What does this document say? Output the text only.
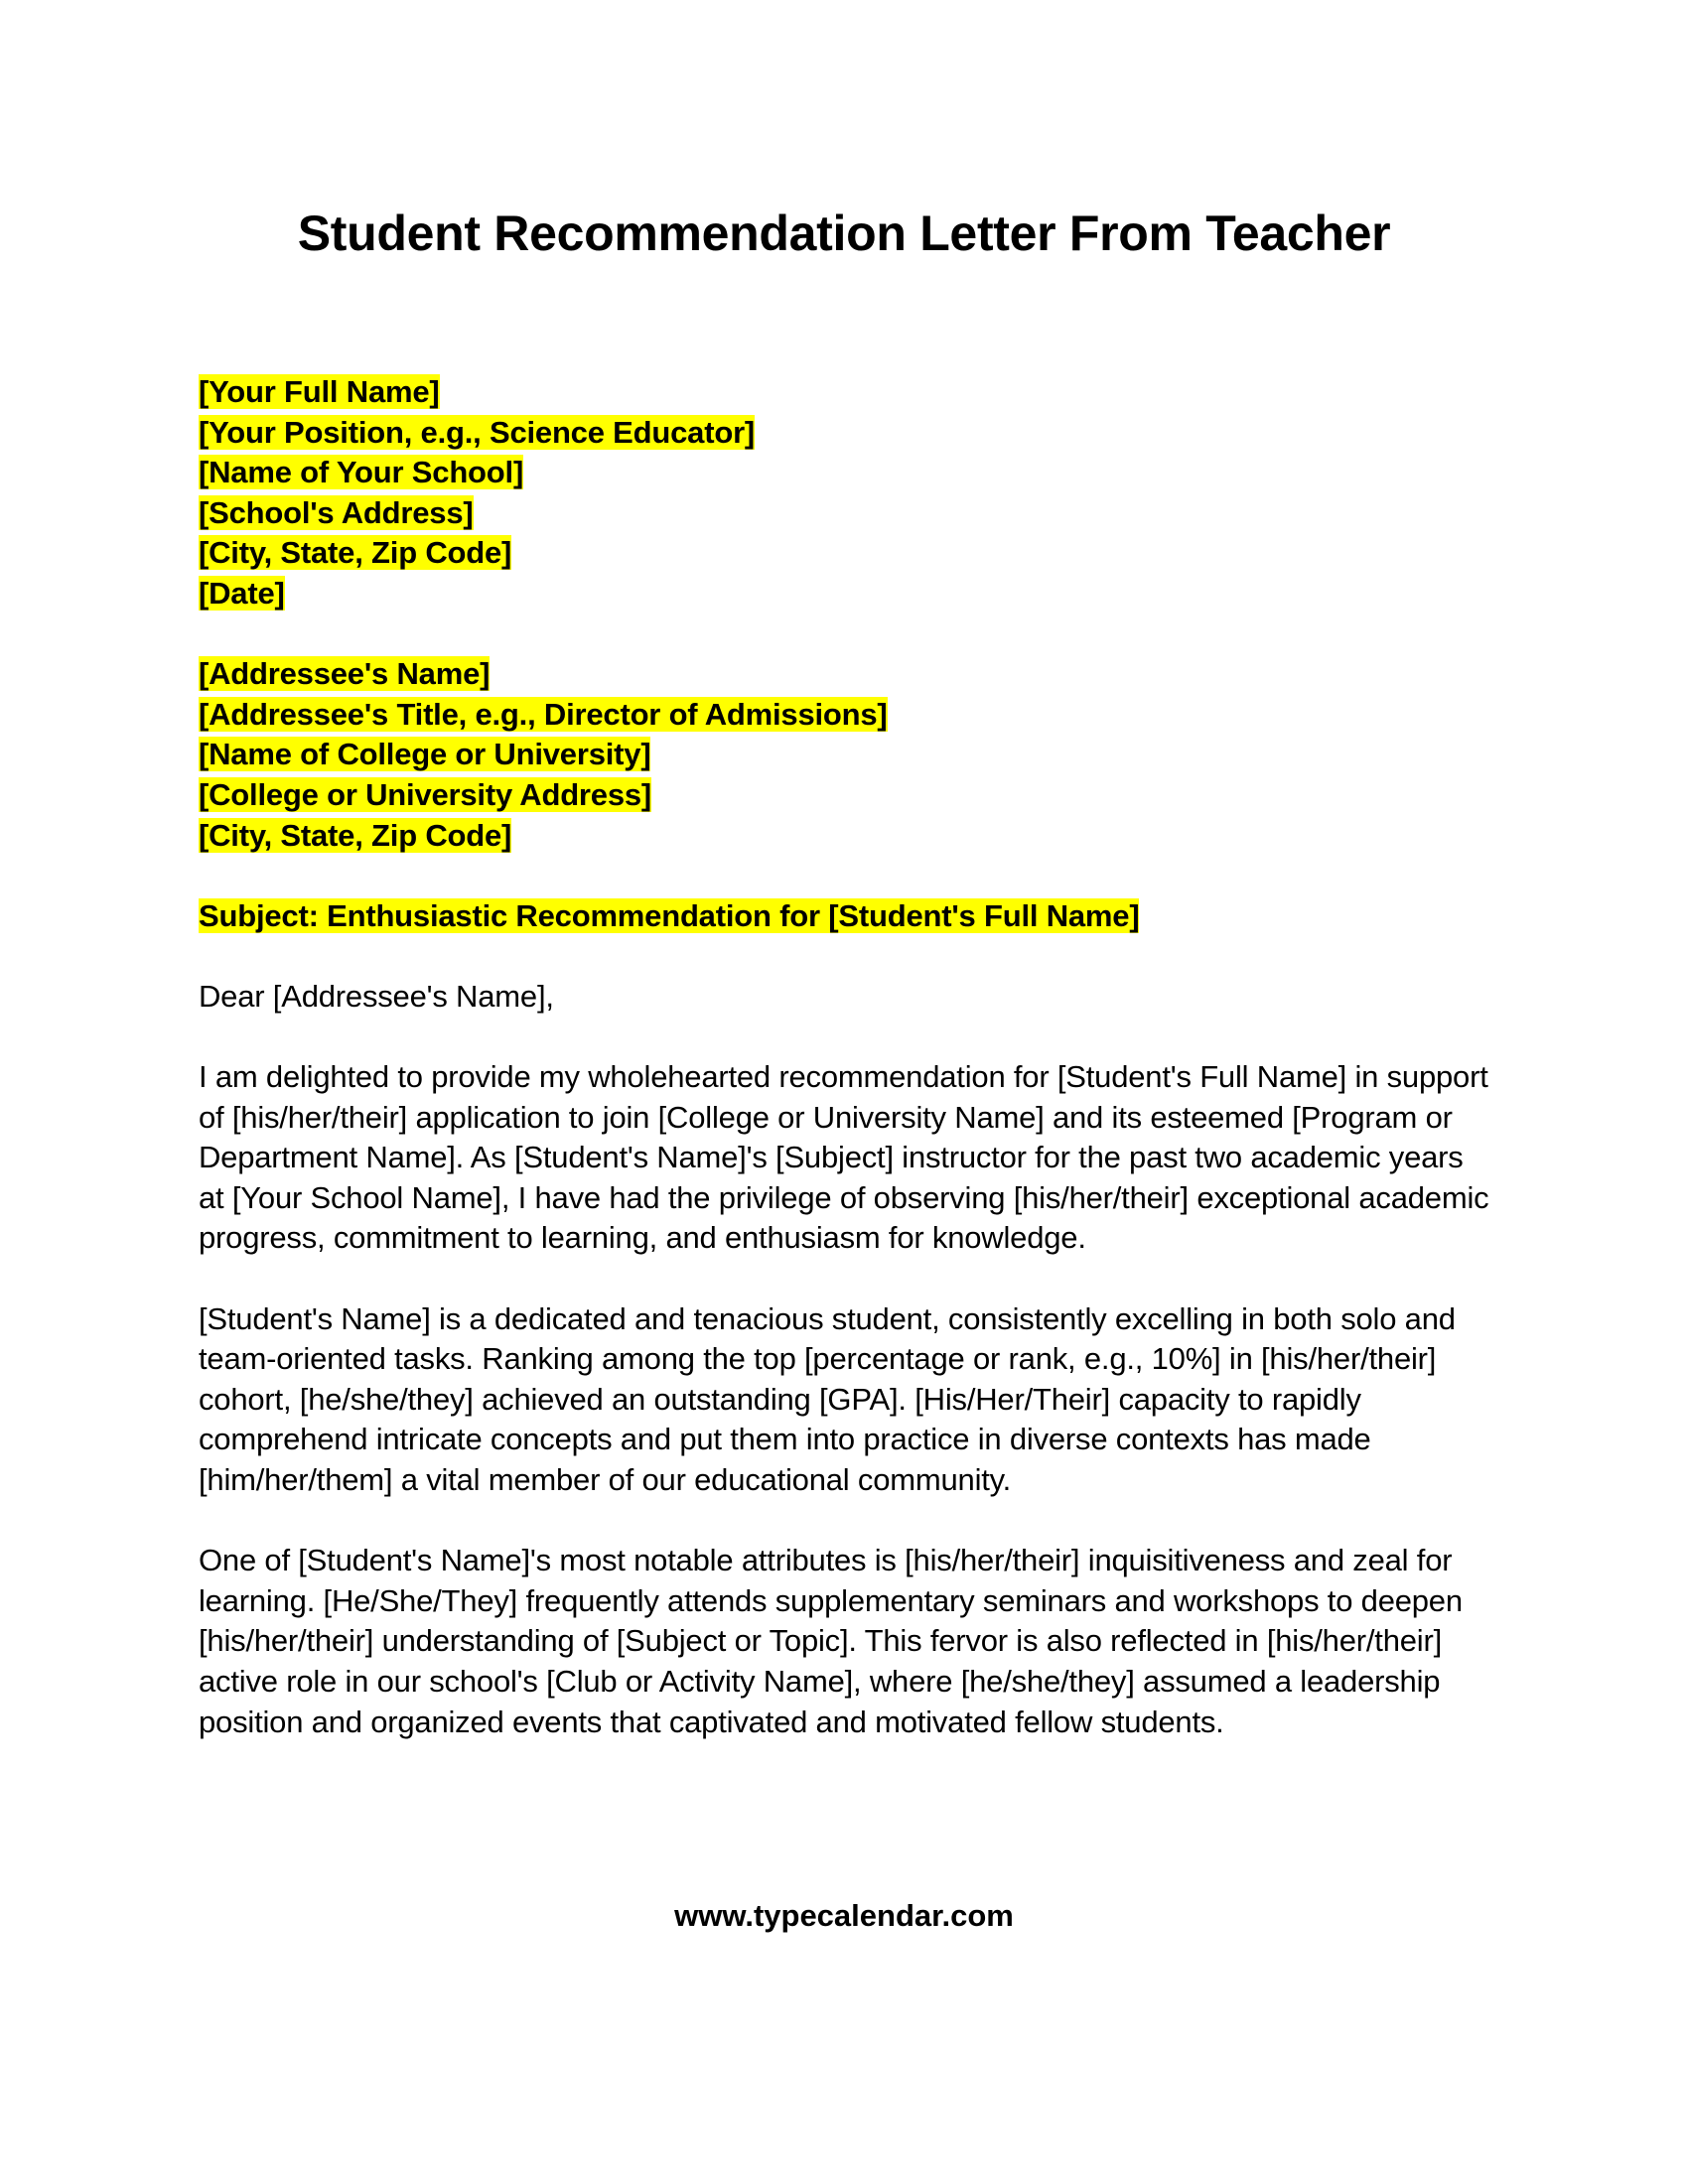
Student Recommendation Letter From Teacher
[Your Full Name]
[Your Position, e.g., Science Educator]
[Name of Your School]
[School's Address]
[City, State, Zip Code]
[Date]
[Addressee's Name]
[Addressee's Title, e.g., Director of Admissions]
[Name of College or University]
[College or University Address]
[City, State, Zip Code]
Subject: Enthusiastic Recommendation for [Student's Full Name]

Dear [Addressee's Name],

I am delighted to provide my wholehearted recommendation for [Student's Full Name] in support of [his/her/their] application to join [College or University Name] and its esteemed [Program or Department Name]. As [Student's Name]'s [Subject] instructor for the past two academic years at [Your School Name], I have had the privilege of observing [his/her/their] exceptional academic progress, commitment to learning, and enthusiasm for knowledge.

[Student's Name] is a dedicated and tenacious student, consistently excelling in both solo and team-oriented tasks. Ranking among the top [percentage or rank, e.g., 10%] in [his/her/their] cohort, [he/she/they] achieved an outstanding [GPA]. [His/Her/Their] capacity to rapidly comprehend intricate concepts and put them into practice in diverse contexts has made [him/her/them] a vital member of our educational community.

One of [Student's Name]'s most notable attributes is [his/her/their] inquisitiveness and zeal for learning. [He/She/They] frequently attends supplementary seminars and workshops to deepen [his/her/their] understanding of [Subject or Topic]. This fervor is also reflected in [his/her/their] active role in our school's [Club or Activity Name], where [he/she/they] assumed a leadership position and organized events that captivated and motivated fellow students.

www.typecalendar.com
